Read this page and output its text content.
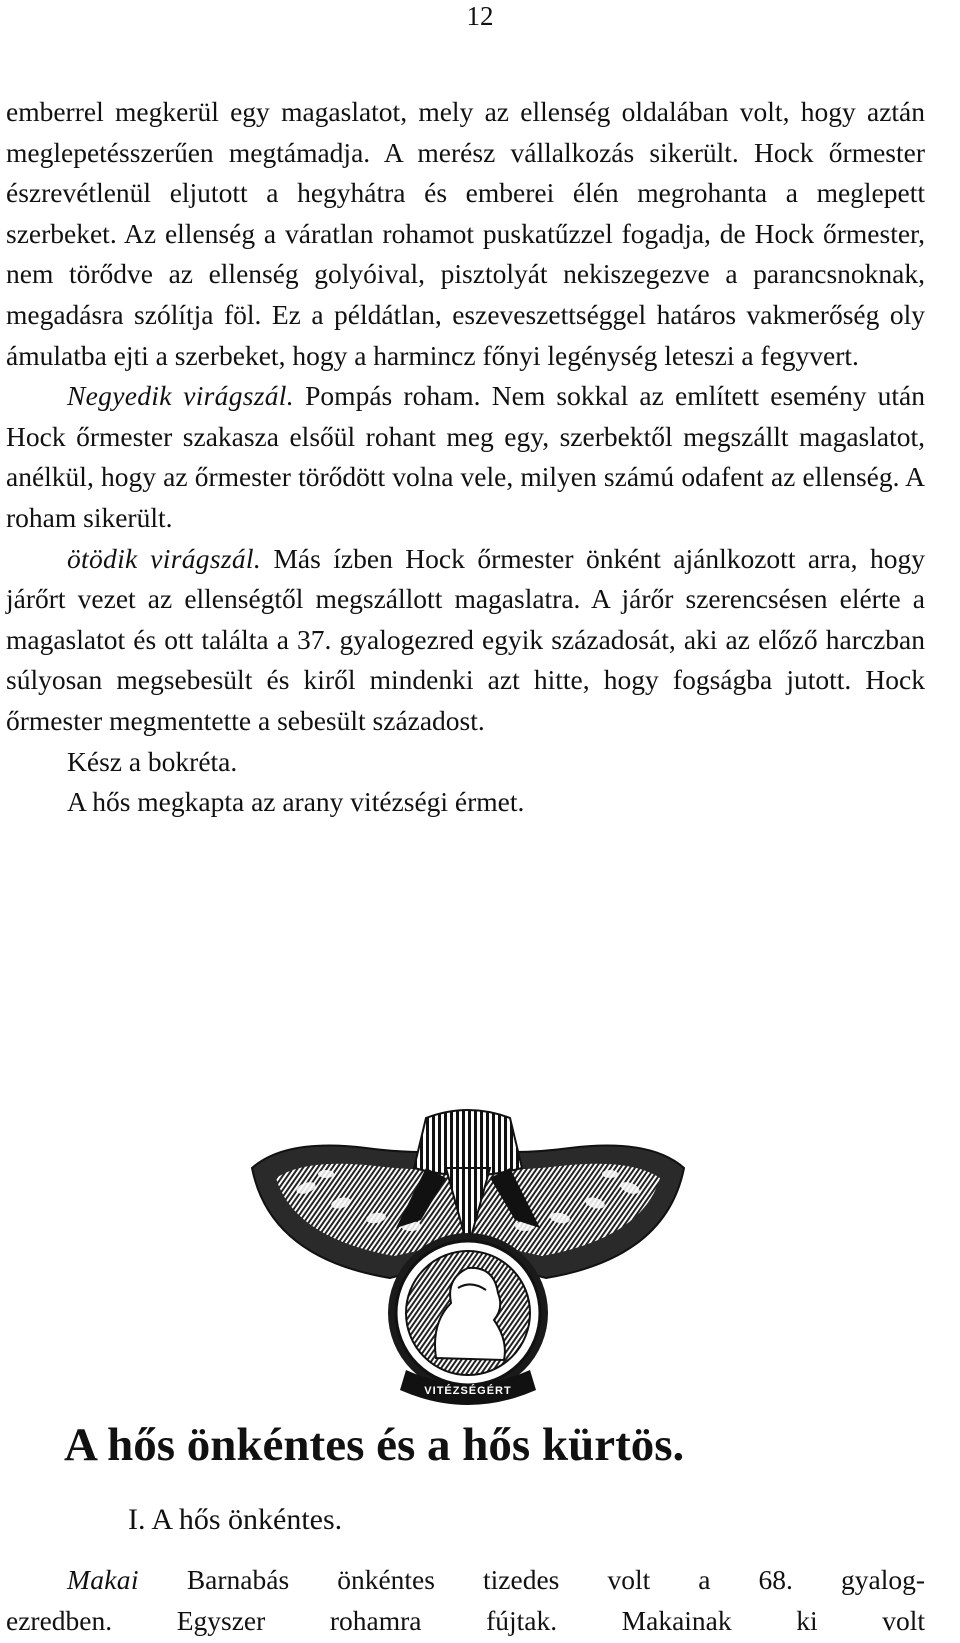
12

emberrel megkerül egy magaslatot, mely az ellenség oldalában volt, hogy aztán meglepetésszerűen megtámadja. A merész vállalkozás sikerült. Hock őrmester észrevétlenül eljutott a hegyhátra és emberei élén megrohanta a meglepett szerbeket. Az ellenség a váratlan rohamot puskatűzzel fogadja, de Hock őrmester, nem törődve az ellenség golyóival, pisztolyát nekiszegezve a parancsnoknak, megadásra szólítja föl. Ez a példátlan, eszeveszettséggel határos vakmerőség oly ámulatba ejti a szerbeket, hogy a harmincz főnyi legénység leteszi a fegyvert.

Negyedik virágszál. Pompás roham. Nem sokkal az említett esemény után Hock őrmester szakasza elsőül rohant meg egy, szerbektől megszállt magaslatot, anélkül, hogy az őrmester törődött volna vele, milyen számú odafent az ellenség. A roham sikerült.

ötödik virágszál. Más ízben Hock őrmester önként ajánlkozott arra, hogy járőrt vezet az ellenségtől megszállott magaslatra. A járőr szerencsésen elérte a magaslatot és ott találta a 37. gyalogezred egyik századosát, aki az előző harczban súlyosan megsebesült és kiről mindenki azt hitte, hogy fogságba jutott. Hock őrmester megmentette a sebesült századost.

Kész a bokréta.

A hős megkapta az arany vitézségi érmet.

VITÉZSÉGÉRT
A hős önkéntes és a hős kürtös.
I. A hős önkéntes.

Makai Barnabás önkéntes tizedes volt a 68. gyalog-

ezredben. Egyszer rohamra fújtak. Makainak ki volt
